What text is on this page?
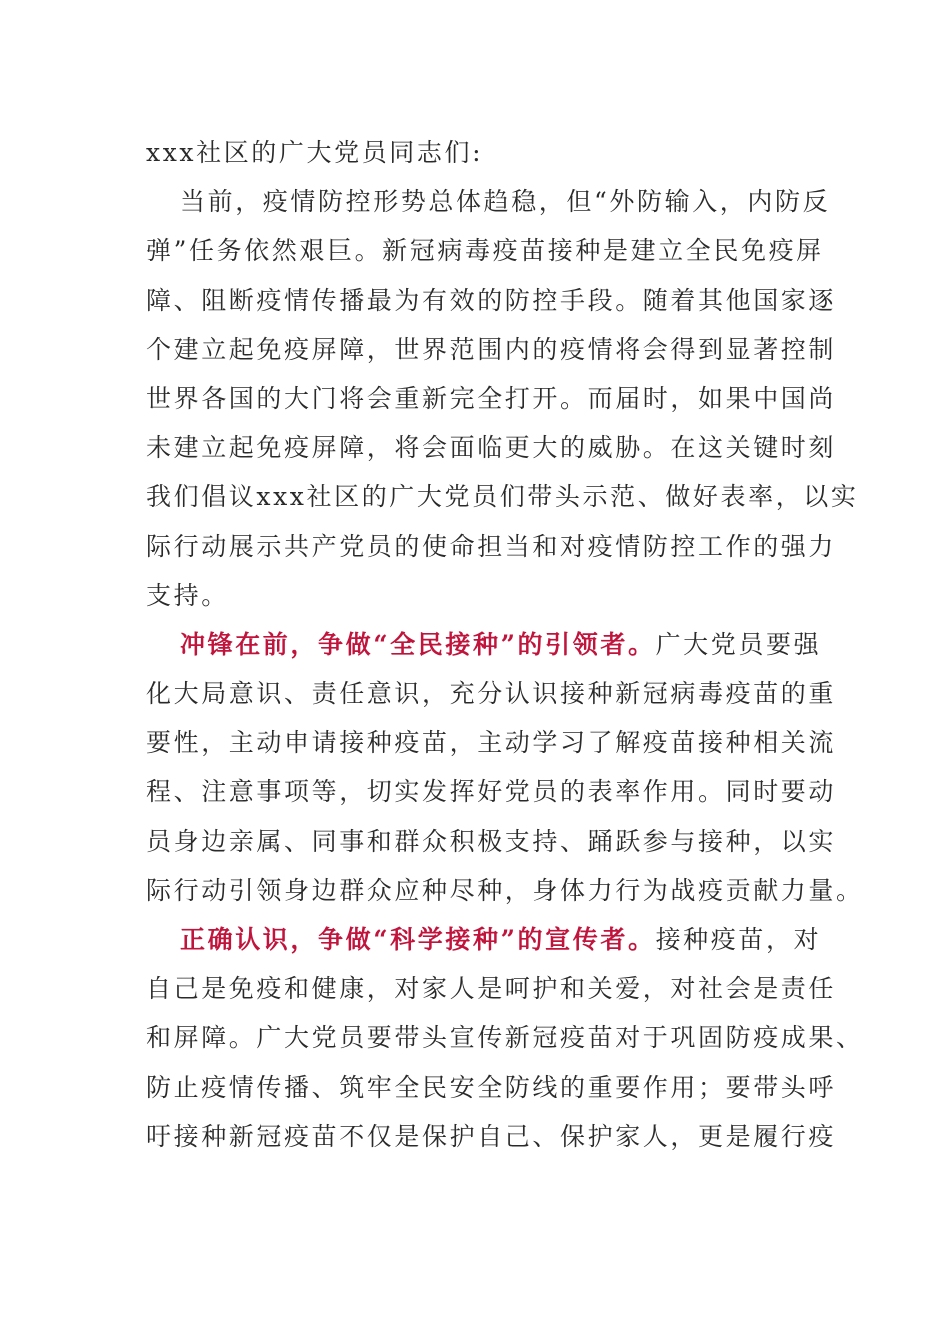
xxx社区的广大党员同志们:
当前，疫情防控形势总体趋稳，但“外防输入，内防反
弹”任务依然艰巨。新冠病毒疫苗接种是建立全民免疫屏
障、阻断疫情传播最为有效的防控手段。随着其他国家逐
个建立起免疫屏障，世界范围内的疫情将会得到显著控制
世界各国的大门将会重新完全打开。而届时，如果中国尚
未建立起免疫屏障，将会面临更大的威胁。在这关键时刻
我们倡议xxx社区的广大党员们带头示范、做好表率，以实
际行动展示共产党员的使命担当和对疫情防控工作的强力
支持。
冲锋在前，争做“全民接种”的引领者。广大党员要强
化大局意识、责任意识，充分认识接种新冠病毒疫苗的重
要性，主动申请接种疫苗，主动学习了解疫苗接种相关流
程、注意事项等，切实发挥好党员的表率作用。同时要动
员身边亲属、同事和群众积极支持、踊跃参与接种，以实
际行动引领身边群众应种尽种，身体力行为战疫贡献力量。
正确认识，争做“科学接种”的宣传者。接种疫苗，对
自己是免疫和健康，对家人是呵护和关爱，对社会是责任
和屏障。广大党员要带头宣传新冠疫苗对于巩固防疫成果、
防止疫情传播、筑牢全民安全防线的重要作用；要带头呼
吁接种新冠疫苗不仅是保护自己、保护家人，更是履行疫
